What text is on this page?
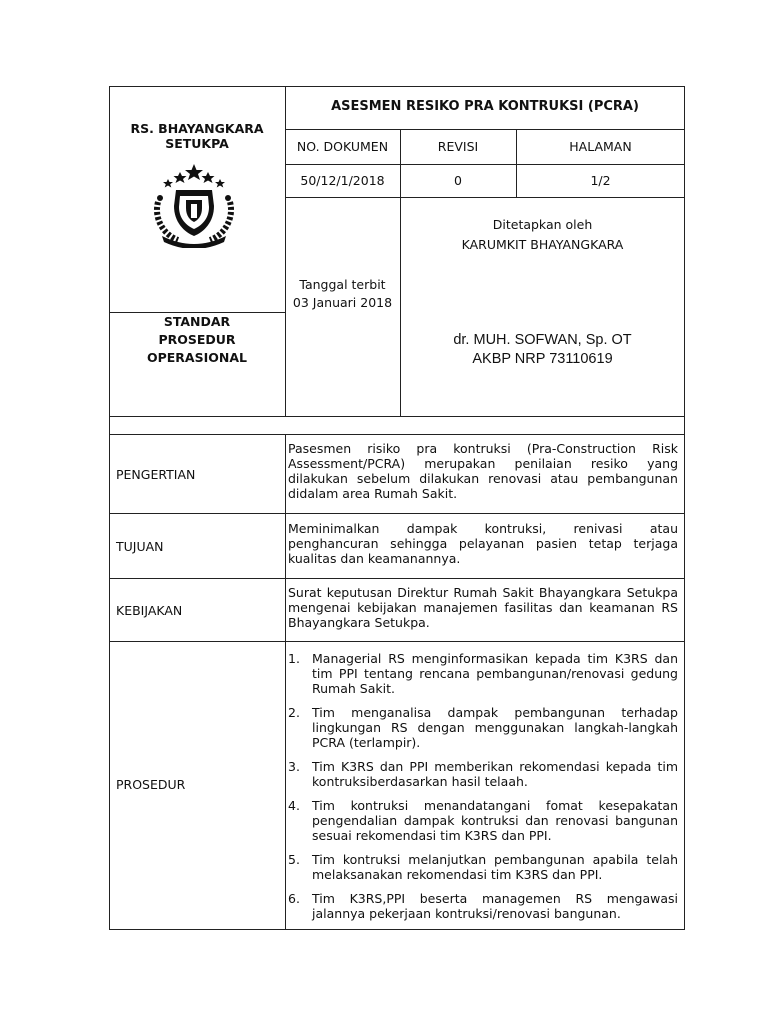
RS. BHAYANGKARA
SETUKPA
STANDAR
PROSEDUR
OPERASIONAL
ASESMEN RESIKO PRA KONTRUKSI (PCRA)
NO. DOKUMEN	REVISI	HALAMAN
50/12/1/2018	0	1/2
Tanggal terbit
03 Januari 2018
Ditetapkan oleh
KARUMKIT BHAYANGKARA
dr. MUH. SOFWAN, Sp. OT
AKBP NRP 73110619
PENGERTIAN
Pasesmen risiko pra kontruksi (Pra-Construction Risk Assessment/PCRA) merupakan penilaian resiko yang dilakukan sebelum dilakukan renovasi atau pembangunan didalam area Rumah Sakit.
TUJUAN
Meminimalkan dampak kontruksi, renivasi atau penghancuran sehingga pelayanan pasien tetap terjaga kualitas dan keamanannya.
KEBIJAKAN
Surat keputusan Direktur Rumah Sakit Bhayangkara Setukpa mengenai kebijakan manajemen fasilitas dan keamanan RS Bhayangkara Setukpa.
PROSEDUR
1. Managerial RS menginformasikan kepada tim K3RS dan tim PPI tentang rencana pembangunan/renovasi gedung Rumah Sakit.
2. Tim menganalisa dampak pembangunan terhadap lingkungan RS dengan menggunakan langkah-langkah PCRA (terlampir).
3. Tim K3RS dan PPI memberikan rekomendasi kepada tim kontruksiberdasarkan hasil telaah.
4. Tim kontruksi menandatangani fomat kesepakatan pengendalian dampak kontruksi dan renovasi bangunan sesuai rekomendasi tim K3RS dan PPI.
5. Tim kontruksi melanjutkan pembangunan apabila telah melaksanakan rekomendasi tim K3RS dan PPI.
6. Tim K3RS,PPI beserta managemen RS mengawasi jalannya pekerjaan kontruksi/renovasi bangunan.
